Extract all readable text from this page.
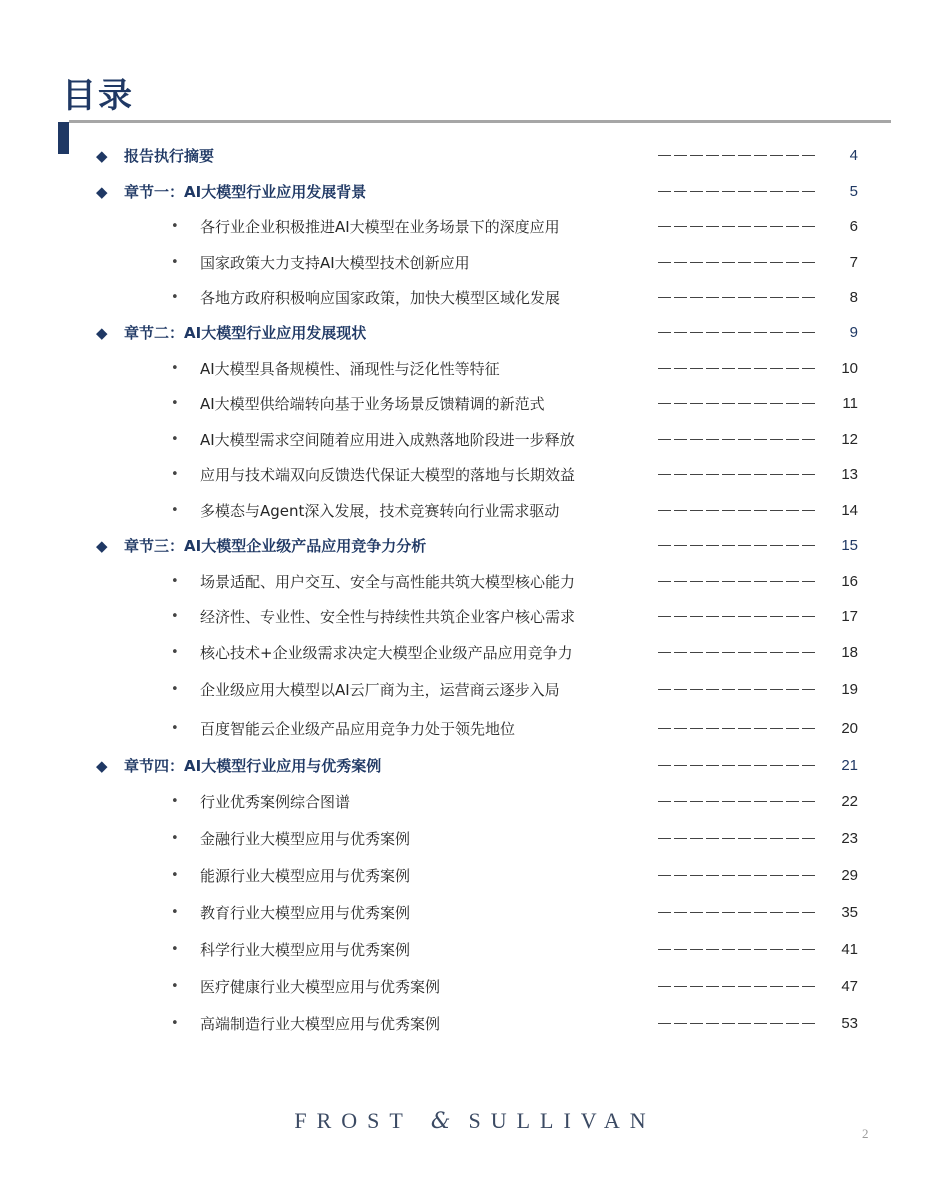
目录
◆ 报告执行摘要	4
◆ 章节一：AI大模型行业应用发展背景	5
• 各行业企业积极推进AI大模型在业务场景下的深度应用	6
• 国家政策大力支持AI大模型技术创新应用	7
• 各地方政府积极响应国家政策，加快大模型区域化发展	8
◆ 章节二：AI大模型行业应用发展现状	9
• AI大模型具备规模性、涌现性与泛化性等特征	10
• AI大模型供给端转向基于业务场景反馈精调的新范式	11
• AI大模型需求空间随着应用进入成熟落地阶段进一步释放	12
• 应用与技术端双向反馈迭代保证大模型的落地与长期效益	13
• 多模态与Agent深入发展，技术竞赛转向行业需求驱动	14
◆ 章节三：AI大模型企业级产品应用竞争力分析	15
• 场景适配、用户交互、安全与高性能共筑大模型核心能力	16
• 经济性、专业性、安全性与持续性共筑企业客户核心需求	17
• 核心技术+企业级需求决定大模型企业级产品应用竞争力	18
• 企业级应用大模型以AI云厂商为主，运营商云逐步入局	19
• 百度智能云企业级产品应用竞争力处于领先地位	20
◆ 章节四：AI大模型行业应用与优秀案例	21
• 行业优秀案例综合图谱	22
• 金融行业大模型应用与优秀案例	23
• 能源行业大模型应用与优秀案例	29
• 教育行业大模型应用与优秀案例	35
• 科学行业大模型应用与优秀案例	41
• 医疗健康行业大模型应用与优秀案例	47
• 高端制造行业大模型应用与优秀案例	53
FROST & SULLIVAN
2
